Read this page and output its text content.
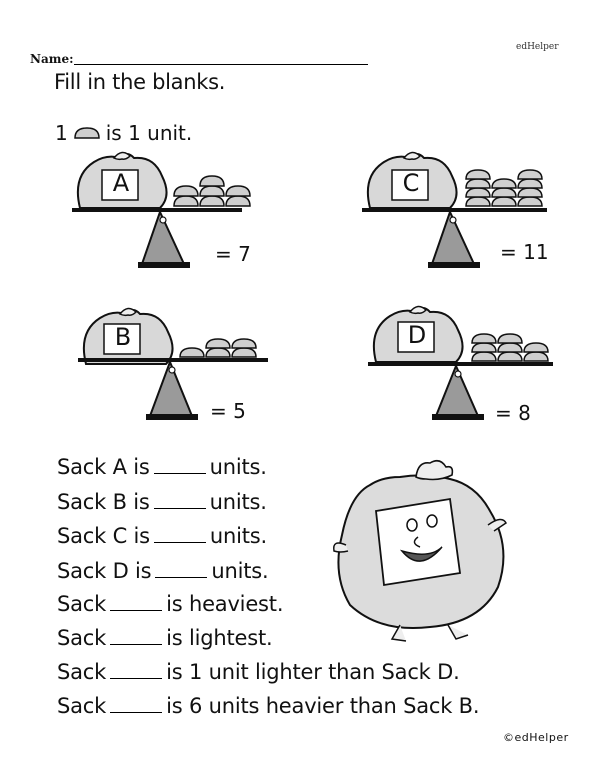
edHelper
Name:
Fill in the blanks.
1 is 1 unit.
A
= 7
C
= 11
B
= 5
D
= 8
Sack A is	units.
Sack B is	units.
Sack C is	units.
Sack D is	units.
Sack	is heaviest.
Sack	is lightest.
Sack	is 1 unit lighter than Sack D.
Sack	is 6 units heavier than Sack B.
©edHelper
